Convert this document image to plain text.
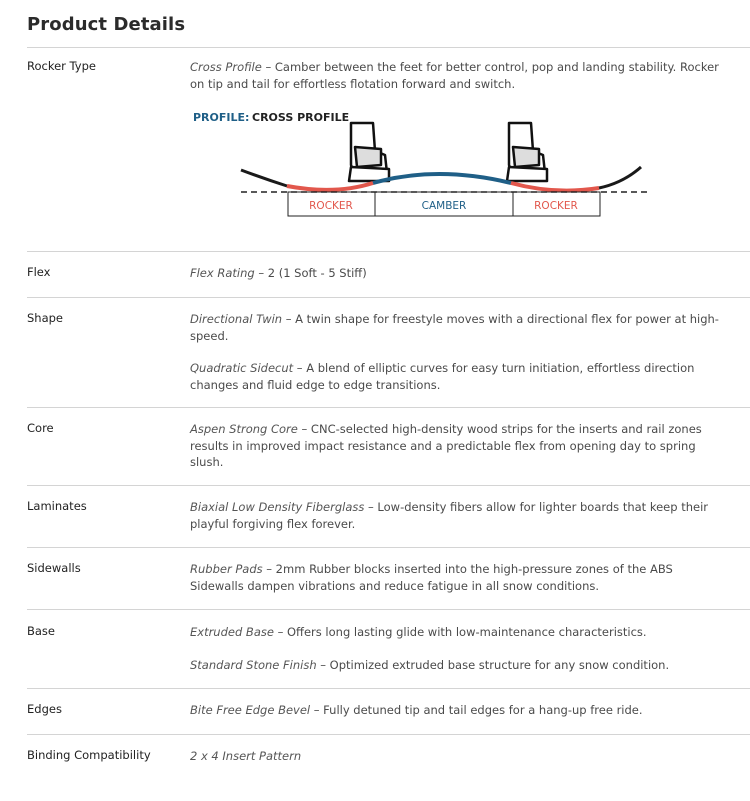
Product Details
Rocker Type	Cross Profile – Camber between the feet for better control, pop and landing stability. Rocker on tip and tail for effortless flotation forward and switch.

PROFILE: CROSS PROFILE
ROCKER	CAMBER	ROCKER
Flex	Flex Rating – 2 (1 Soft - 5 Stiff)

Shape	Directional Twin – A twin shape for freestyle moves with a directional flex for power at high-speed.

Quadratic Sidecut – A blend of elliptic curves for easy turn initiation, effortless direction changes and fluid edge to edge transitions.

Core	Aspen Strong Core – CNC-selected high-density wood strips for the inserts and rail zones results in improved impact resistance and a predictable flex from opening day to spring slush.

Laminates	Biaxial Low Density Fiberglass – Low-density fibers allow for lighter boards that keep their playful forgiving flex forever.

Sidewalls	Rubber Pads – 2mm Rubber blocks inserted into the high-pressure zones of the ABS Sidewalls dampen vibrations and reduce fatigue in all snow conditions.

Base	Extruded Base – Offers long lasting glide with low-maintenance characteristics.

Standard Stone Finish – Optimized extruded base structure for any snow condition.

Edges	Bite Free Edge Bevel – Fully detuned tip and tail edges for a hang-up free ride.

Binding Compatibility	2 x 4 Insert Pattern
